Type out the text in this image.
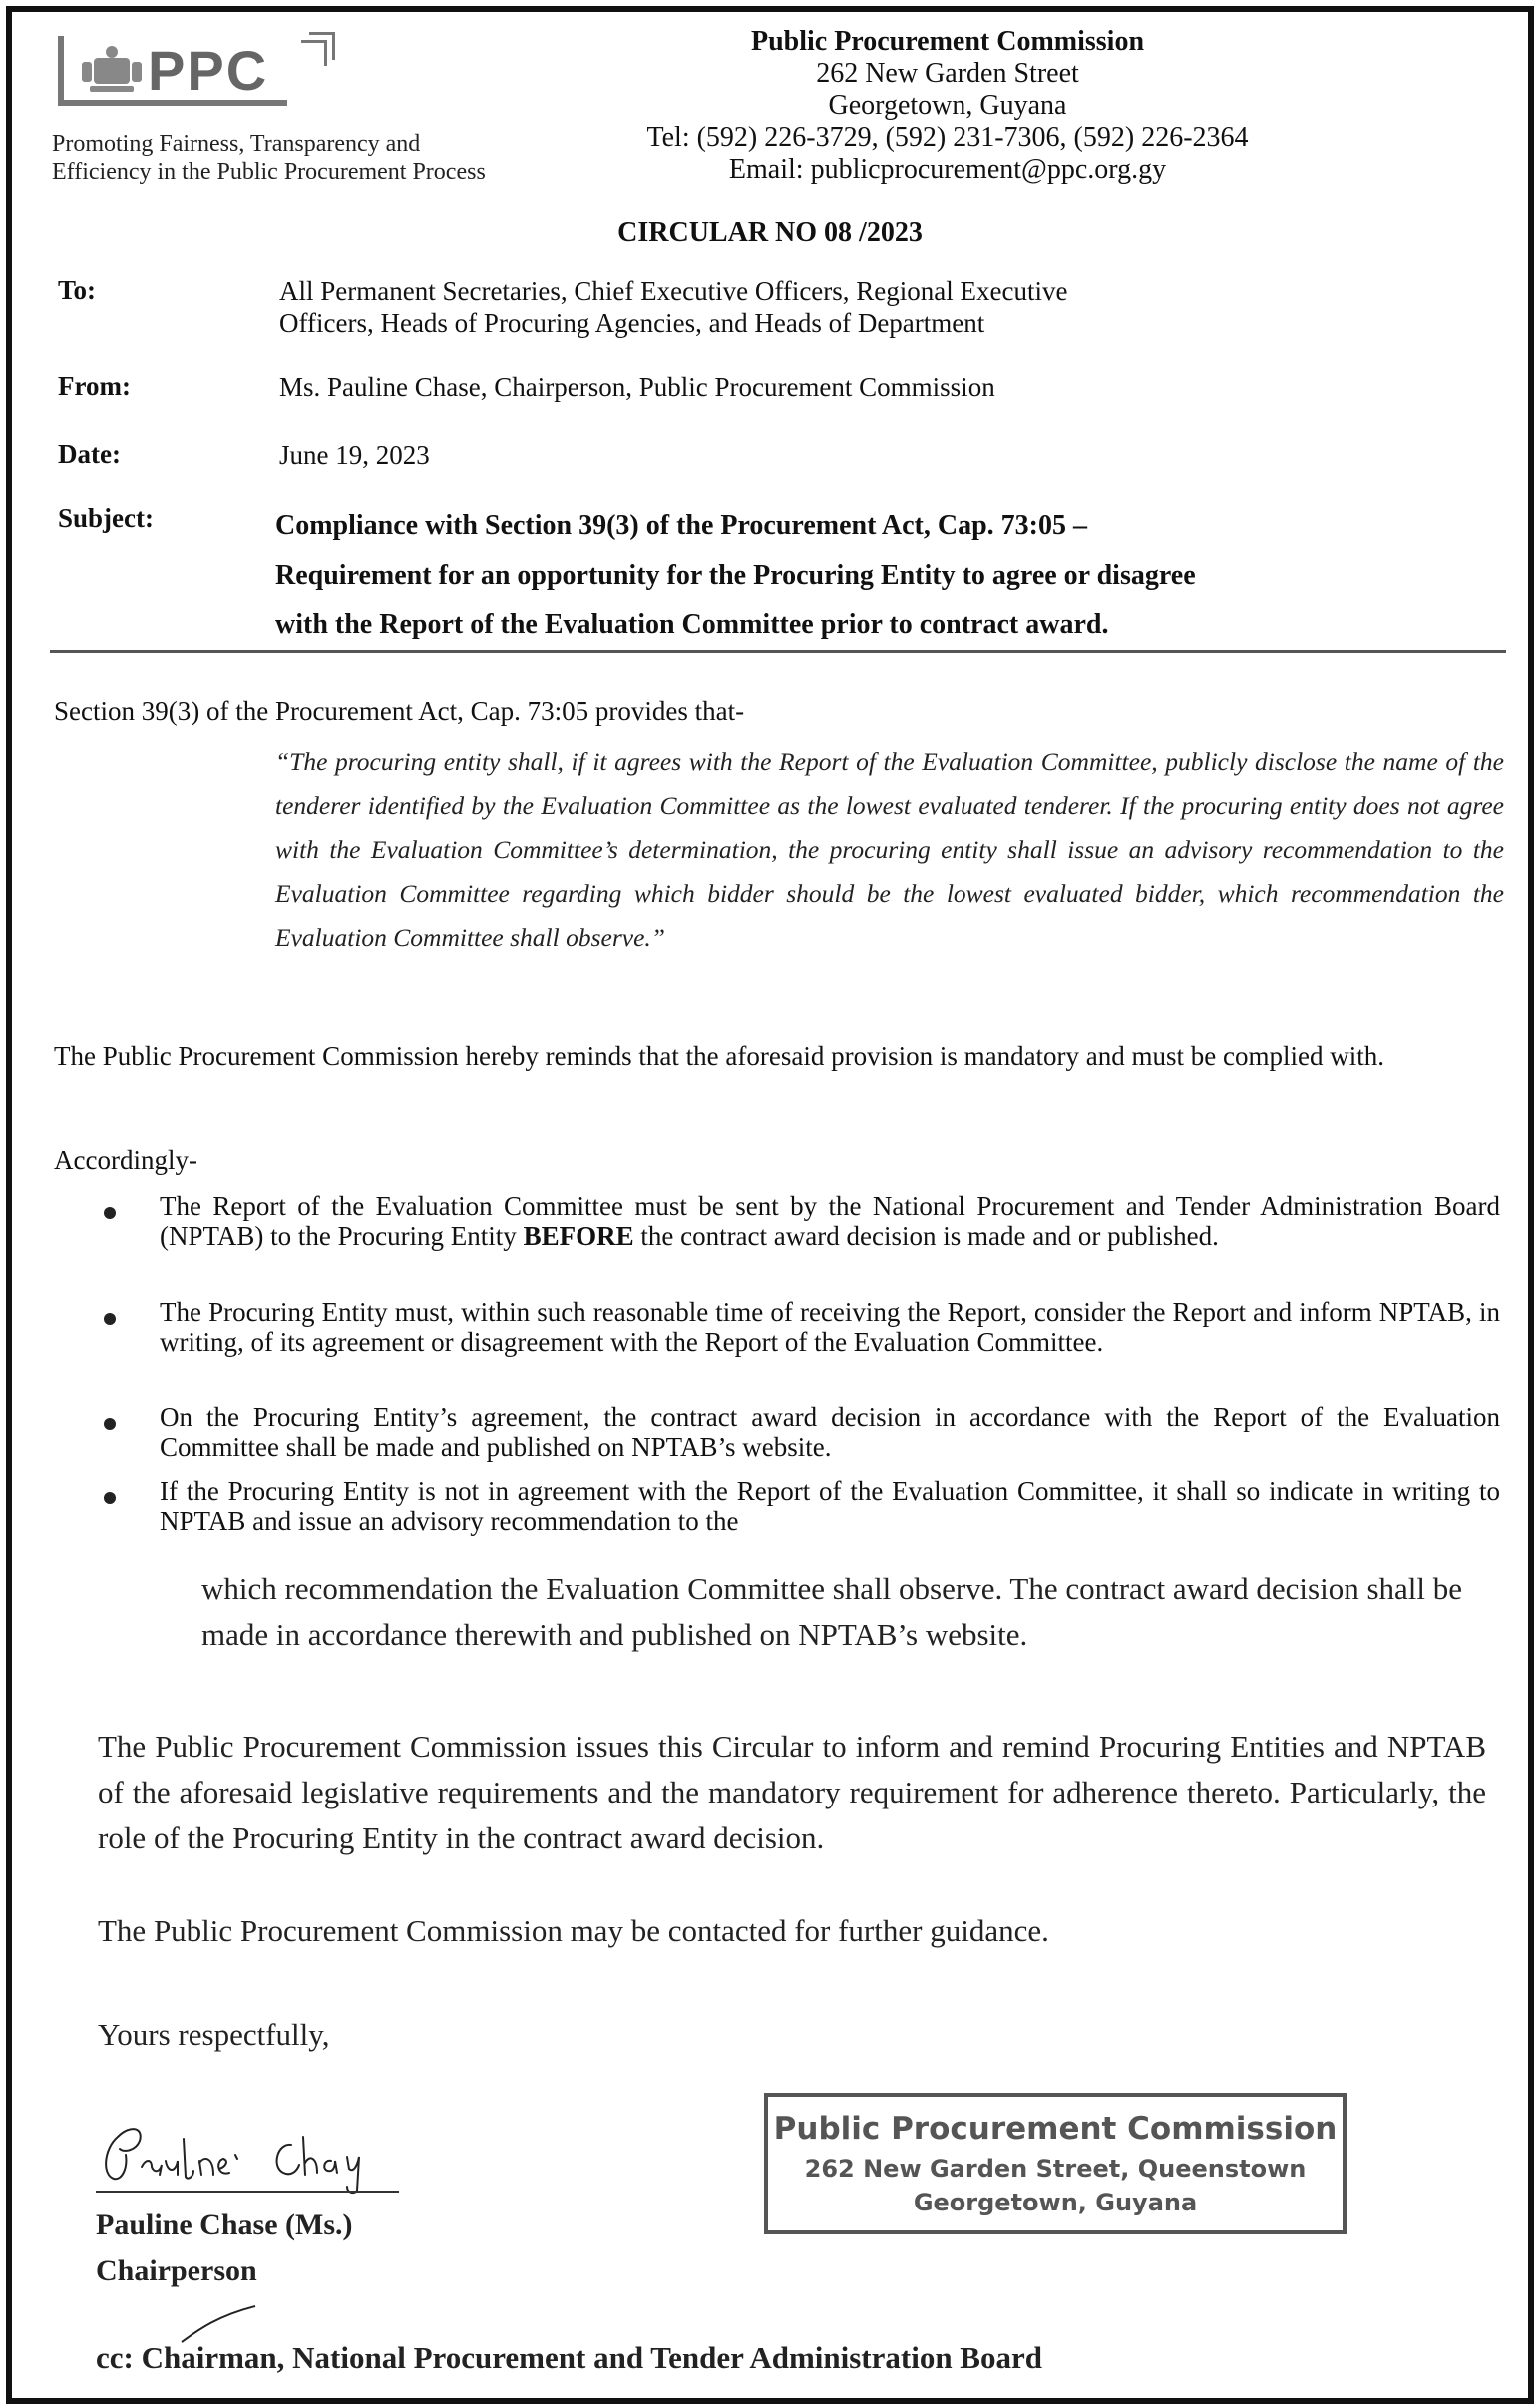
PPC
Promoting Fairness, Transparency and
Efficiency in the Public Procurement Process
Public Procurement Commission
262 New Garden Street
Georgetown, Guyana
Tel: (592) 226-3729, (592) 231-7306, (592) 226-2364
Email: publicprocurement@ppc.org.gy
CIRCULAR NO 08 /2023
To:	All Permanent Secretaries, Chief Executive Officers, Regional Executive
Officers, Heads of Procuring Agencies, and Heads of Department
From:	Ms. Pauline Chase, Chairperson, Public Procurement Commission
Date:	June 19, 2023
Subject:	Compliance with Section 39(3) of the Procurement Act, Cap. 73:05 –
Requirement for an opportunity for the Procuring Entity to agree or disagree
with the Report of the Evaluation Committee prior to contract award.
Section 39(3) of the Procurement Act, Cap. 73:05 provides that-
“The procuring entity shall, if it agrees with the Report of the Evaluation Committee, publicly disclose the name of the tenderer identified by the Evaluation Committee as the lowest evaluated tenderer. If the procuring entity does not agree with the Evaluation Committee’s determination, the procuring entity shall issue an advisory recommendation to the Evaluation Committee regarding which bidder should be the lowest evaluated bidder, which recommendation the Evaluation Committee shall observe.”
The Public Procurement Commission hereby reminds that the aforesaid provision is mandatory and must be complied with.
Accordingly-
The Report of the Evaluation Committee must be sent by the National Procurement and Tender Administration Board (NPTAB) to the Procuring Entity BEFORE the contract award decision is made and or published.
The Procuring Entity must, within such reasonable time of receiving the Report, consider the Report and inform NPTAB, in writing, of its agreement or disagreement with the Report of the Evaluation Committee.
On the Procuring Entity’s agreement, the contract award decision in accordance with the Report of the Evaluation Committee shall be made and published on NPTAB’s website.
If the Procuring Entity is not in agreement with the Report of the Evaluation Committee, it shall so indicate in writing to NPTAB and issue an advisory recommendation to the
which recommendation the Evaluation Committee shall observe. The contract award decision shall be made in accordance therewith and published on NPTAB’s website.
The Public Procurement Commission issues this Circular to inform and remind Procuring Entities and NPTAB of the aforesaid legislative requirements and the mandatory requirement for adherence thereto. Particularly, the role of the Procuring Entity in the contract award decision.
The Public Procurement Commission may be contacted for further guidance.
Yours respectfully,
Pauline Chase (Ms.)
Chairperson
Public Procurement Commission
262 New Garden Street, Queenstown
Georgetown, Guyana
cc: Chairman, National Procurement and Tender Administration Board
